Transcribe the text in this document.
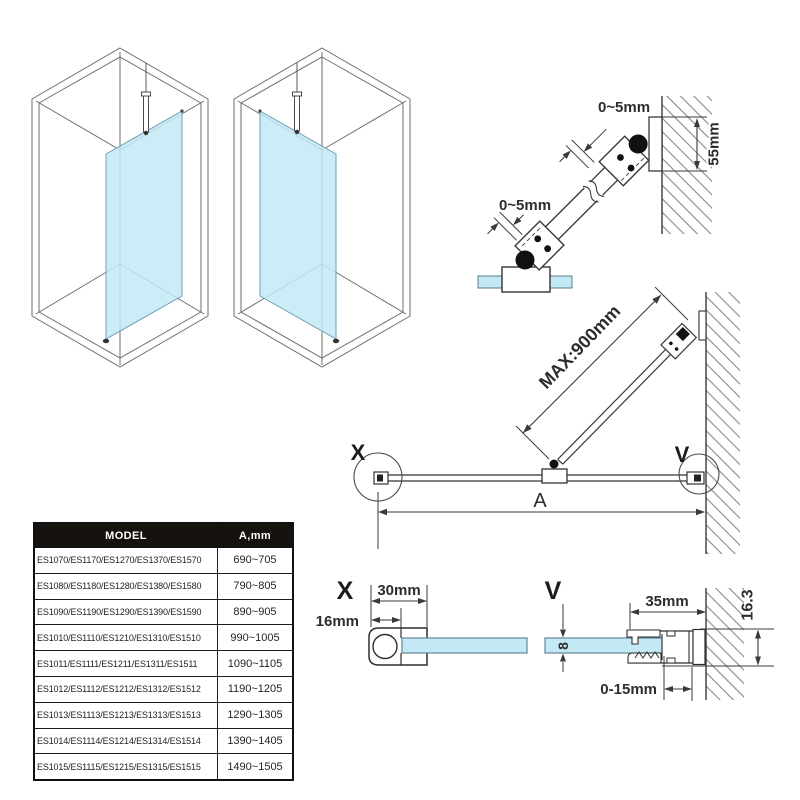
55mm
0~5mm
0~5mm
MAX:900mm
X	V
A
X 30mm
16mm
V
8
35mm	16.3
0-15mm
MODEL	A,mm
ES1070/ES1170/ES1270/ES1370/ES1570	690~705
ES1080/ES1180/ES1280/ES1380/ES1580	790~805
ES1090/ES1190/ES1290/ES1390/ES1590	890~905
ES1010/ES1110/ES1210/ES1310/ES1510	990~1005
ES1011/ES1111/ES1211/ES1311/ES1511	1090~1105
ES1012/ES1112/ES1212/ES1312/ES1512	1190~1205
ES1013/ES1113/ES1213/ES1313/ES1513	1290~1305
ES1014/ES1114/ES1214/ES1314/ES1514	1390~1405
ES1015/ES1115/ES1215/ES1315/ES1515	1490~1505
